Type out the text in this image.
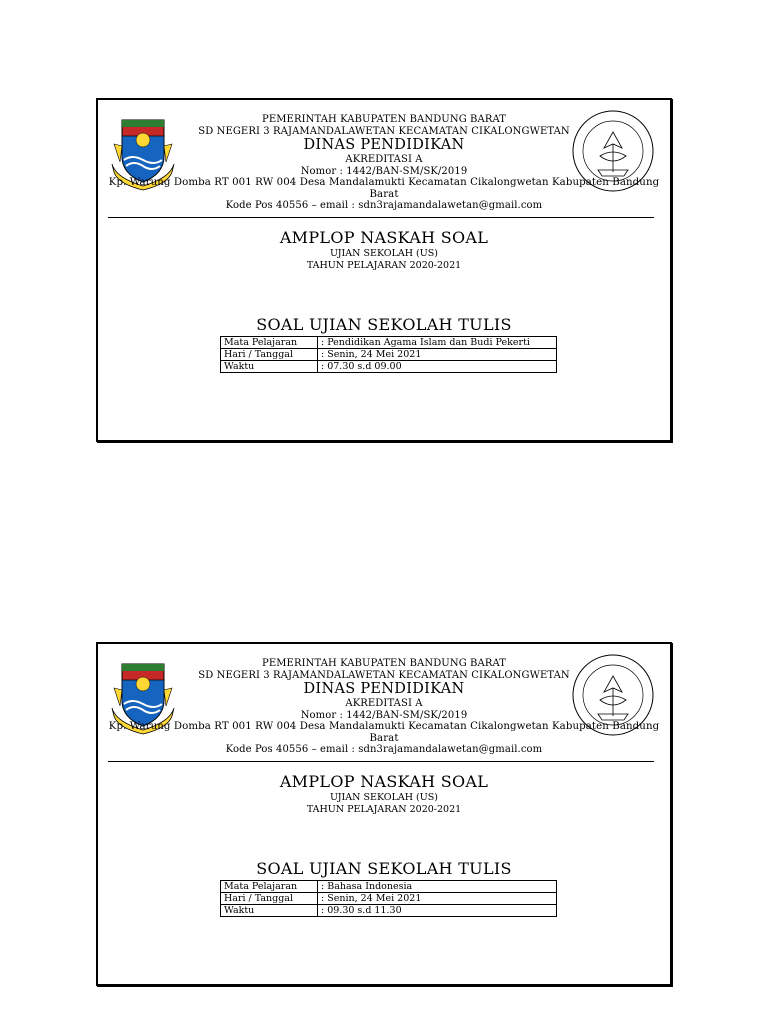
PEMERINTAH KABUPATEN BANDUNG BARAT
SD NEGERI 3 RAJAMANDALAWETAN KECAMATAN CIKALONGWETAN
DINAS PENDIDIKAN
AKREDITASI A
Nomor : 1442/BAN-SM/SK/2019
Kp. Warung Domba RT 001 RW 004 Desa Mandalamukti Kecamatan Cikalongwetan Kabupaten Bandung Barat
Kode Pos 40556 – email : sdn3rajamandalawetan@gmail.com
AMPLOP NASKAH SOAL
UJIAN SEKOLAH (US)
TAHUN PELAJARAN 2020-2021
SOAL UJIAN SEKOLAH TULIS
Mata Pelajaran	: Pendidikan Agama Islam dan Budi Pekerti
Hari / Tanggal	: Senin, 24 Mei 2021
Waktu	: 07.30 s.d 09.00
PEMERINTAH KABUPATEN BANDUNG BARAT
SD NEGERI 3 RAJAMANDALAWETAN KECAMATAN CIKALONGWETAN
DINAS PENDIDIKAN
AKREDITASI A
Nomor : 1442/BAN-SM/SK/2019
Kp. Warung Domba RT 001 RW 004 Desa Mandalamukti Kecamatan Cikalongwetan Kabupaten Bandung Barat
Kode Pos 40556 – email : sdn3rajamandalawetan@gmail.com
AMPLOP NASKAH SOAL
UJIAN SEKOLAH (US)
TAHUN PELAJARAN 2020-2021
SOAL UJIAN SEKOLAH TULIS
Mata Pelajaran	: Bahasa Indonesia
Hari / Tanggal	: Senin, 24 Mei 2021
Waktu	: 09.30 s.d 11.30
